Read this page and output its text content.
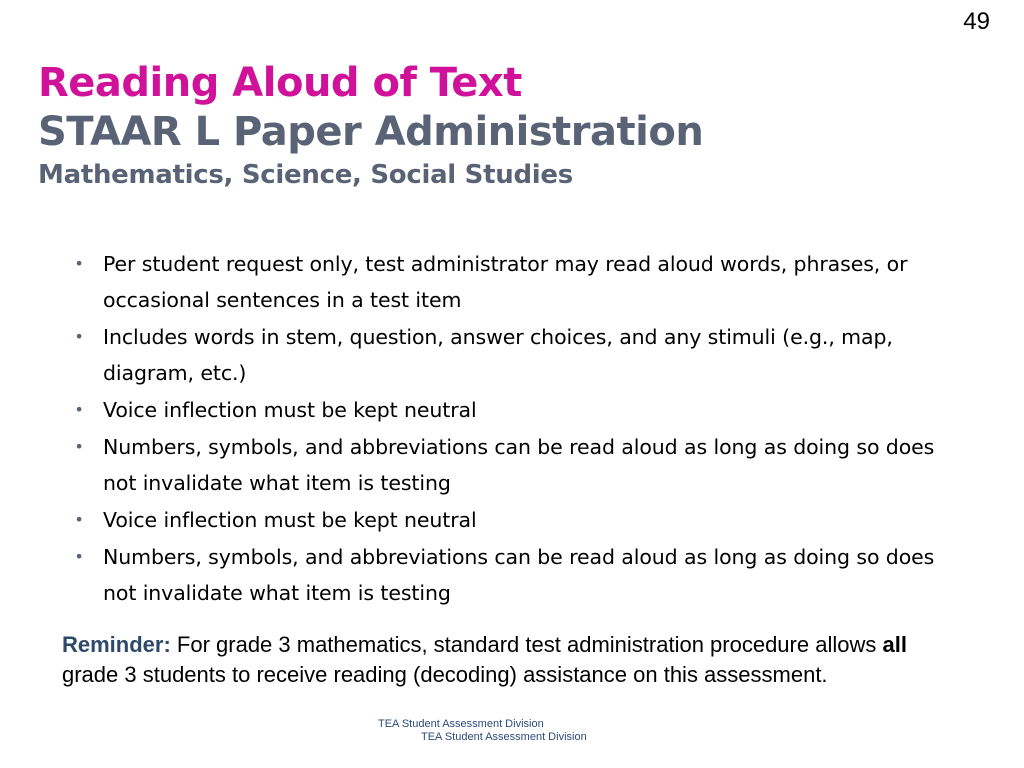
49
Reading Aloud of Text
STAAR L Paper Administration
Mathematics, Science, Social Studies
• Per student request only, test administrator may read aloud words, phrases, or occasional sentences in a test item
• Includes words in stem, question, answer choices, and any stimuli (e.g., map, diagram, etc.)
• Voice inflection must be kept neutral
• Numbers, symbols, and abbreviations can be read aloud as long as doing so does not invalidate what item is testing
• Voice inflection must be kept neutral
• Numbers, symbols, and abbreviations can be read aloud as long as doing so does not invalidate what item is testing
Reminder: For grade 3 mathematics, standard test administration procedure allows all grade 3 students to receive reading (decoding) assistance on this assessment.
TEA Student Assessment Division
TEA Student Assessment Division
